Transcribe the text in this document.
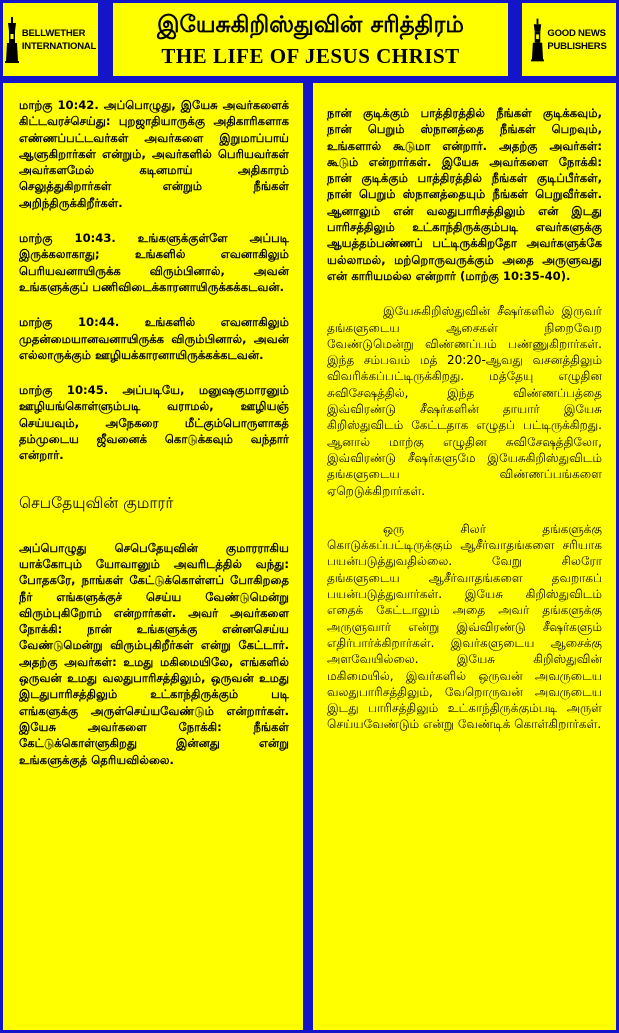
BELLWETHER
INTERNATIONAL
இயேசுகிறிஸ்துவின் சரித்திரம்
THE LIFE OF JESUS CHRIST
GOOD NEWS
PUBLISHERS

மாற்கு 10:42. அப்பொழுது, இயேசு அவர்களைக் கிட்டவரச்செய்து: புறஜாதியாருக்கு அதிகாரிகளாக எண்ணப்பட்டவர்கள் அவர்களை இறுமாப்பாய் ஆளுகிறார்கள் என்றும், அவர்களில் பெரியவர்கள் அவர்களமேல் கடினமாய் அதிகாரம் செலுத்துகிறார்கள் என்றும் நீங்கள் அறிந்திருக்கிறீர்கள்.

மாற்கு 10:43. உங்களுக்குள்ளே அப்படி இருக்கலாகாது; உங்களில் எவனாகிலும் பெரியவனாயிருக்க விரும்பினால், அவன் உங்களுக்குப் பணிவிடைக்காரனாயிருக்கக்கடவன்.

மாற்கு 10:44. உங்களில் எவனாகிலும் முதன்மையானவனாயிருக்க விரும்பினால், அவன் எல்லாருக்கும் ஊழியக்காரனாயிருக்கக்கடவன்.

மாற்கு 10:45. அப்படியே, மனுஷகுமாரனும் ஊழியங்கொள்ளும்படி வராமல், ஊழியஞ் செய்யவும், அநேகரை மீட்கும்பொருளாகத் தம்முடைய ஜீவனைக் கொடுக்கவும் வந்தார் என்றார்.

செபதேயுவின் குமாரர்

அப்பொழுது செபெதேயுவின் குமாரராகிய யாக்கோபும் யோவானும் அவரிடத்தில் வந்து: போதகரே, நாங்கள் கேட்டுக்கொள்ளப் போகிறதை நீர் எங்களுக்குச் செய்ய வேண்டுமென்று விரும்புகிறோம் என்றார்கள். அவர் அவர்களை நோக்கி: நான் உங்களுக்கு என்னசெய்ய வேண்டுமென்று விரும்புகிறீர்கள் என்று கேட்டார். அதற்கு அவர்கள்: உமது மகிமையிலே, எங்களில் ஒருவன் உமது வலதுபாரிசத்திலும், ஒருவன் உமது இடதுபாரிசத்திலும் உட்காந்திருக்கும் படி எங்களுக்கு அருள்செய்யவேண்டும் என்றார்கள். இயேசு அவர்களை நோக்கி: நீங்கள் கேட்டுக்கொள்ளுகிறது இன்னது என்று உங்களுக்குத் தெரியவில்லை.

நான் குடிக்கும் பாத்திரத்தில் நீங்கள் குடிக்கவும், நான் பெறும் ஸ்நானத்தை நீங்கள் பெறவும், உங்களால் கூடுமா என்றார். அதற்கு அவர்கள்: கூடும் என்றார்கள். இயேசு அவர்களை நோக்கி: நான் குடிக்கும் பாத்திரத்தில் நீங்கள் குடிப்பீர்கள், நான் பெறும் ஸ்நானத்தையும் நீங்கள் பெறுவீர்கள். ஆனாலும் என் வலதுபாரிசத்திலும் என் இடது பாரிசத்திலும் உட்காந்திருக்கும்படி எவர்களுக்கு ஆயத்தம்பண்ணப் பட்டிருக்கிறதோ அவர்களுக்கே யல்லாமல், மற்றொருவருக்கும் அதை அருளுவது என் காரியமல்ல என்றார் (மாற்கு 10:35-40).

இயேசுகிறிஸ்துவின் சீஷர்களில் இருவர் தங்களுடைய ஆசைகள் நிறைவேற வேண்டுமென்று விண்ணப்பம் பண்ணுகிறார்கள். இந்த சம்பவம் மத் 20:20-ஆவது வசனத்திலும் விவரிக்கப்பட்டிருக்கிறது. மத்தேயு எழுதின சுவிசேஷத்தில், இந்த விண்ணப்பத்தை இவ்விரண்டு சீஷர்களின் தாயார் இயேசு கிறிஸ்துவிடம் கேட்டதாக எழுதப் பட்டிருக்கிறது. ஆனால் மாற்கு எழுதின சுவிசேஷத்திலோ, இவ்விரண்டு சீஷர்களுமே இயேசுகிறிஸ்துவிடம் தங்களுடைய விண்ணப்பங்களை ஏறெடுக்கிறார்கள்.

ஒரு சிலர் தங்களுக்கு கொடுக்கப்பட்டிருக்கும் ஆசீர்வாதங்களை சரியாக பயன்படுத்துவதில்லை. வேறு சிலரோ தங்களுடைய ஆசீர்வாதங்களை தவறாகப் பயன்படுத்துவார்கள். இயேசு கிறிஸ்துவிடம் எதைக் கேட்டாலும் அதை அவர் தங்களுக்கு அருளுவார் என்று இவ்விரண்டு சீஷர்களும் எதிர்பார்க்கிறார்கள். இவர்களுடைய ஆசைக்கு அளவேயில்லை. இயேசு கிறிஸ்துவின் மகிமையில், இவர்களில் ஒருவன் அவருடைய வலதுபாரிசத்திலும், வேறொருவன் அவருடைய இடது பாரிசத்திலும் உட்காந்திருக்கும்படி அருள் செய்யவேண்டும் என்று வேண்டிக் கொள்கிறார்கள்.
